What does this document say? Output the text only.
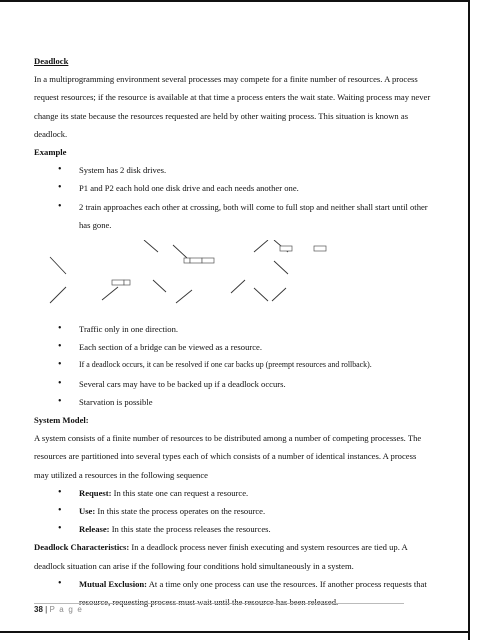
Deadlock

In a multiprogramming environment several processes may compete for a finite number of resources. A process request resources; if the resource is available at that time a process enters the wait state. Waiting process may never change its state because the resources requested are held by other waiting process. This situation is known as deadlock.

Example

• System has 2 disk drives.
• P1 and P2 each hold one disk drive and each needs another one.
• 2 train approaches each other at crossing, both will come to full stop and neither shall start until other has gone.
• Traffic only in one direction.
• Each section of a bridge can be viewed as a resource.
• If a deadlock occurs, it can be resolved if one car backs up (preempt resources and rollback).
• Several cars may have to be backed up if a deadlock occurs.
• Starvation is possible

System Model:

A system consists of a finite number of resources to be distributed among a number of competing processes. The resources are partitioned into several types each of which consists of a number of identical instances. A process may utilized a resources in the following sequence

• Request: In this state one can request a resource.
• Use: In this state the process operates on the resource.
• Release: In this state the process releases the resources.

Deadlock Characteristics: In a deadlock process never finish executing and system resources are tied up. A deadlock situation can arise if the following four conditions hold simultaneously in a system.

• Mutual Exclusion: At a time only one process can use the resources. If another process requests that
38 | P a g e
